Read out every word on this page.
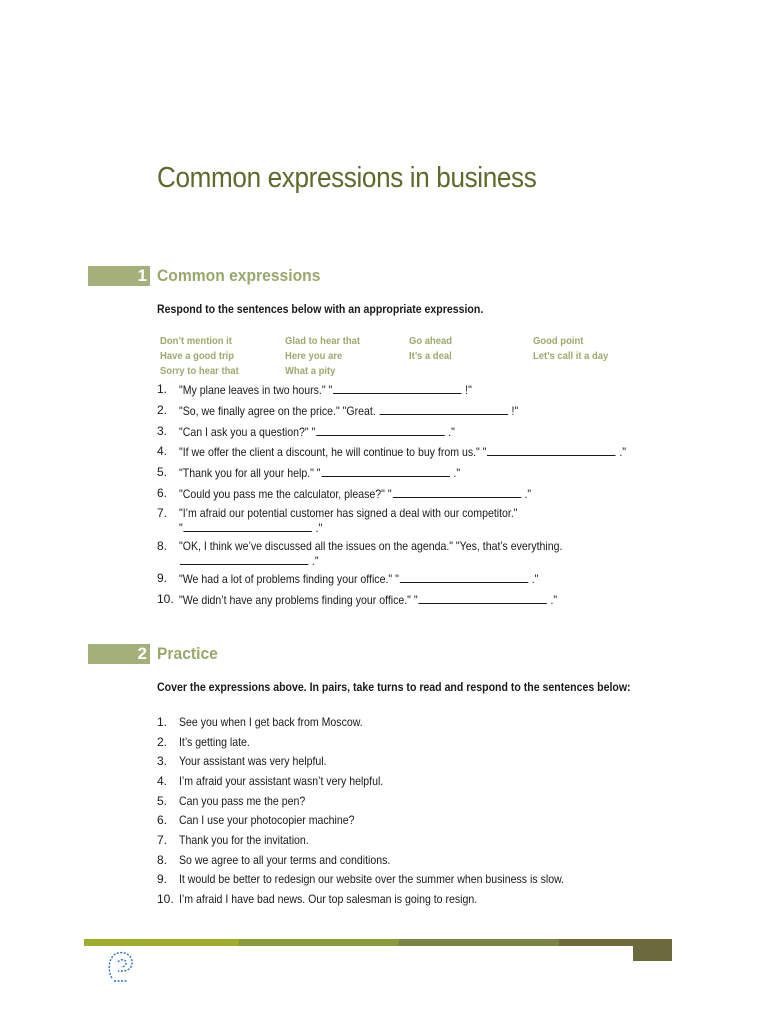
Common expressions in business
1 Common expressions
Respond to the sentences below with an appropriate expression.
Don’t mention it	Glad to hear that	Go ahead	Good point
Have a good trip	Here you are	It’s a deal	Let’s call it a day
Sorry to hear that	What a pity
1. "My plane leaves in two hours." "	!"
2. "So, we finally agree on the price." "Great.	!"
3. "Can I ask you a question?" "	."
4. "If we offer the client a discount, he will continue to buy from us." "	."
5. "Thank you for all your help." "	."
6. "Could you pass me the calculator, please?" "	."
7. "I’m afraid our potential customer has signed a deal with our competitor."
"	."
8. "OK, I think we’ve discussed all the issues on the agenda." "Yes, that’s everything.
."
9. "We had a lot of problems finding your office." "	."
10. "We didn’t have any problems finding your office." "	."
2 Practice
Cover the expressions above. In pairs, take turns to read and respond to the sentences below:
1. See you when I get back from Moscow.
2. It’s getting late.
3. Your assistant was very helpful.
4. I’m afraid your assistant wasn’t very helpful.
5. Can you pass me the pen?
6. Can I use your photocopier machine?
7. Thank you for the invitation.
8. So we agree to all your terms and conditions.
9. It would be better to redesign our website over the summer when business is slow.
10. I’m afraid I have bad news. Our top salesman is going to resign.
